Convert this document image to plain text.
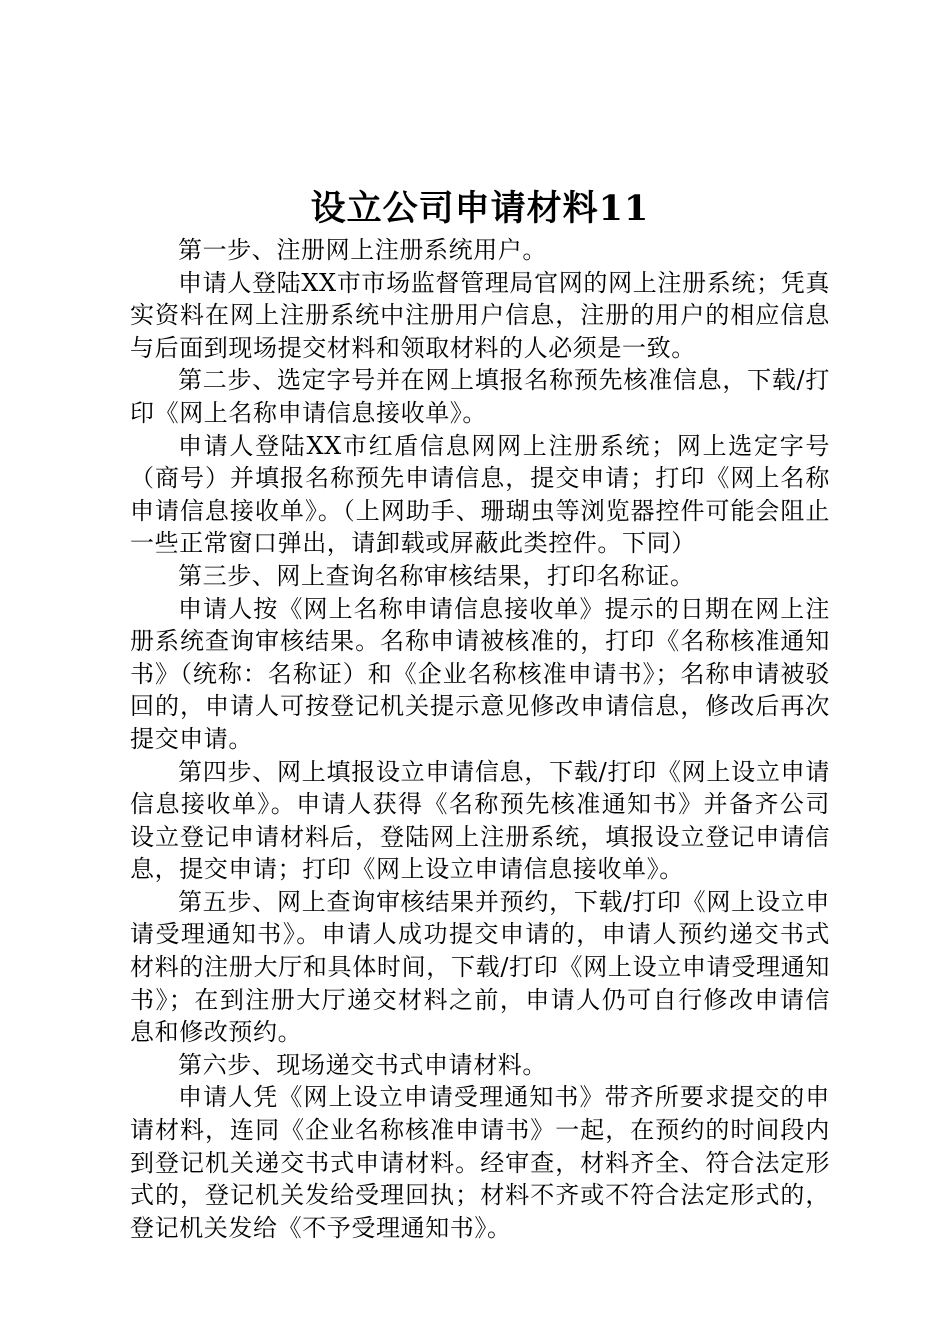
设立公司申请材料11

第一步、注册网上注册系统用户。

申请人登陆XX市市场监督管理局官网的网上注册系统；凭真实资料在网上注册系统中注册用户信息，注册的用户的相应信息与后面到现场提交材料和领取材料的人必须是一致。

第二步、选定字号并在网上填报名称预先核准信息，下载/打印《网上名称申请信息接收单》。

申请人登陆XX市红盾信息网网上注册系统；网上选定字号（商号）并填报名称预先申请信息，提交申请；打印《网上名称申请信息接收单》。（上网助手、珊瑚虫等浏览器控件可能会阻止一些正常窗口弹出，请卸载或屏蔽此类控件。下同）

第三步、网上查询名称审核结果，打印名称证。

申请人按《网上名称申请信息接收单》提示的日期在网上注册系统查询审核结果。名称申请被核准的，打印《名称核准通知书》（统称：名称证）和《企业名称核准申请书》；名称申请被驳回的，申请人可按登记机关提示意见修改申请信息，修改后再次提交申请。

第四步、网上填报设立申请信息，下载/打印《网上设立申请信息接收单》。申请人获得《名称预先核准通知书》并备齐公司设立登记申请材料后，登陆网上注册系统，填报设立登记申请信息，提交申请；打印《网上设立申请信息接收单》。

第五步、网上查询审核结果并预约，下载/打印《网上设立申请受理通知书》。申请人成功提交申请的，申请人预约递交书式材料的注册大厅和具体时间，下载/打印《网上设立申请受理通知书》；在到注册大厅递交材料之前，申请人仍可自行修改申请信息和修改预约。

第六步、现场递交书式申请材料。

申请人凭《网上设立申请受理通知书》带齐所要求提交的申请材料，连同《企业名称核准申请书》一起，在预约的时间段内到登记机关递交书式申请材料。经审查，材料齐全、符合法定形式的，登记机关发给受理回执；材料不齐或不符合法定形式的，登记机关发给《不予受理通知书》。
